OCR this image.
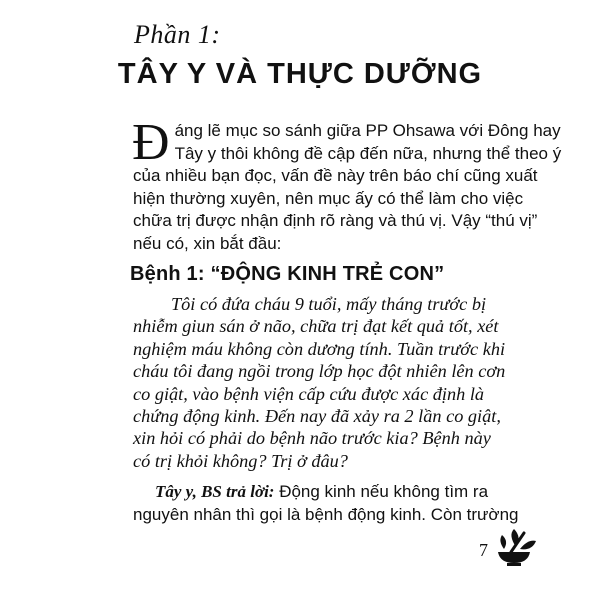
Phần 1:
TÂY Y VÀ THỰC DƯỠNG

Đáng lẽ mục so sánh giữa PP Ohsawa với Đông hay Tây y thôi không đề cập đến nữa, nhưng thể theo ý của nhiều bạn đọc, vấn đề này trên báo chí cũng xuất hiện thường xuyên, nên mục ấy có thể làm cho việc chữa trị được nhận định rõ ràng và thú vị. Vậy “thú vị” nếu có, xin bắt đầu:

Bệnh 1: “ĐỘNG KINH TRẺ CON”

Tôi có đứa cháu 9 tuổi, mấy tháng trước bị nhiễm giun sán ở não, chữa trị đạt kết quả tốt, xét nghiệm máu không còn dương tính. Tuần trước khi cháu tôi đang ngồi trong lớp học đột nhiên lên cơn co giật, vào bệnh viện cấp cứu được xác định là chứng động kinh. Đến nay đã xảy ra 2 lần co giật, xin hỏi có phải do bệnh não trước kia? Bệnh này có trị khỏi không? Trị ở đâu?

Tây y, BS trả lời: Động kinh nếu không tìm ra nguyên nhân thì gọi là bệnh động kinh. Còn trường

7
